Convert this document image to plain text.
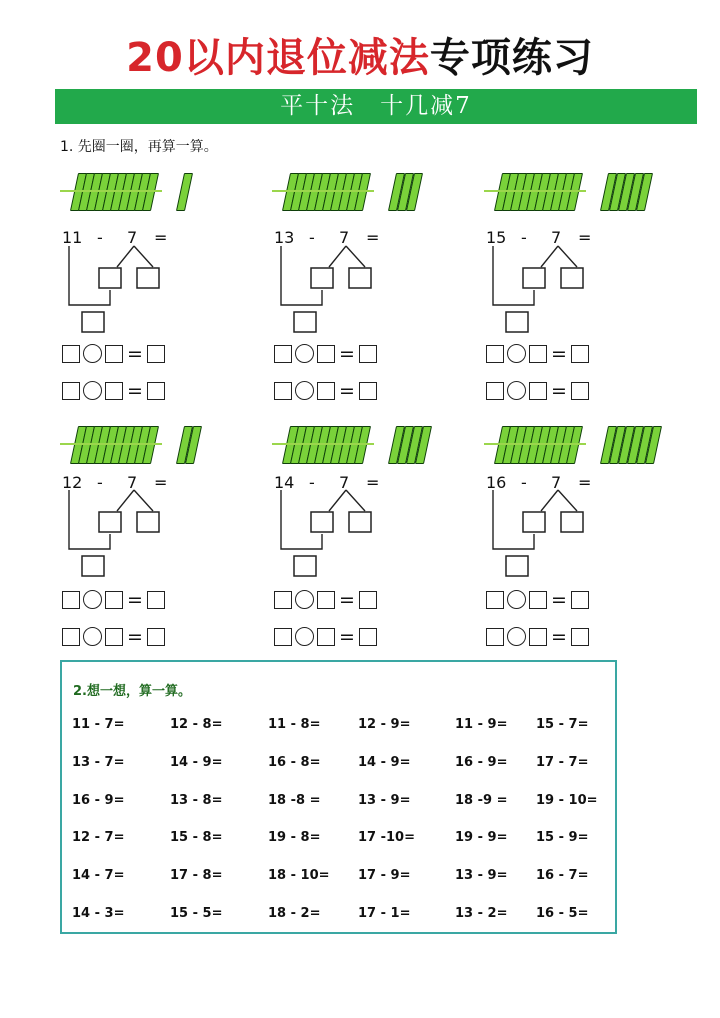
20以内退位减法专项练习
平十法　十几减7
1. 先圈一圈，再算一算。
11 - 7 =
=
=
13 - 7 =
=
=
15 - 7 =
=
=
12 - 7 =
=
=
14 - 7 =
=
=
16 - 7 =
=
=
2.想一想，算一算。
11 - 7=	12 - 8=	11 - 8=	12 - 9=	11 - 9= 15 - 7=
13 - 7=	14 - 9=	16 - 8=	14 - 9=	16 - 9= 17 - 7=
16 - 9=	13 - 8=	18 -8 =	13 - 9=	18 -9 = 19 - 10=
12 - 7=	15 - 8=	19 - 8=	17 -10=	19 - 9= 15 - 9=
14 - 7=	17 - 8=	18 - 10= 17 - 9=	13 - 9= 16 - 7=
14 - 3=	15 - 5=	18 - 2=	17 - 1=	13 - 2= 16 - 5=
